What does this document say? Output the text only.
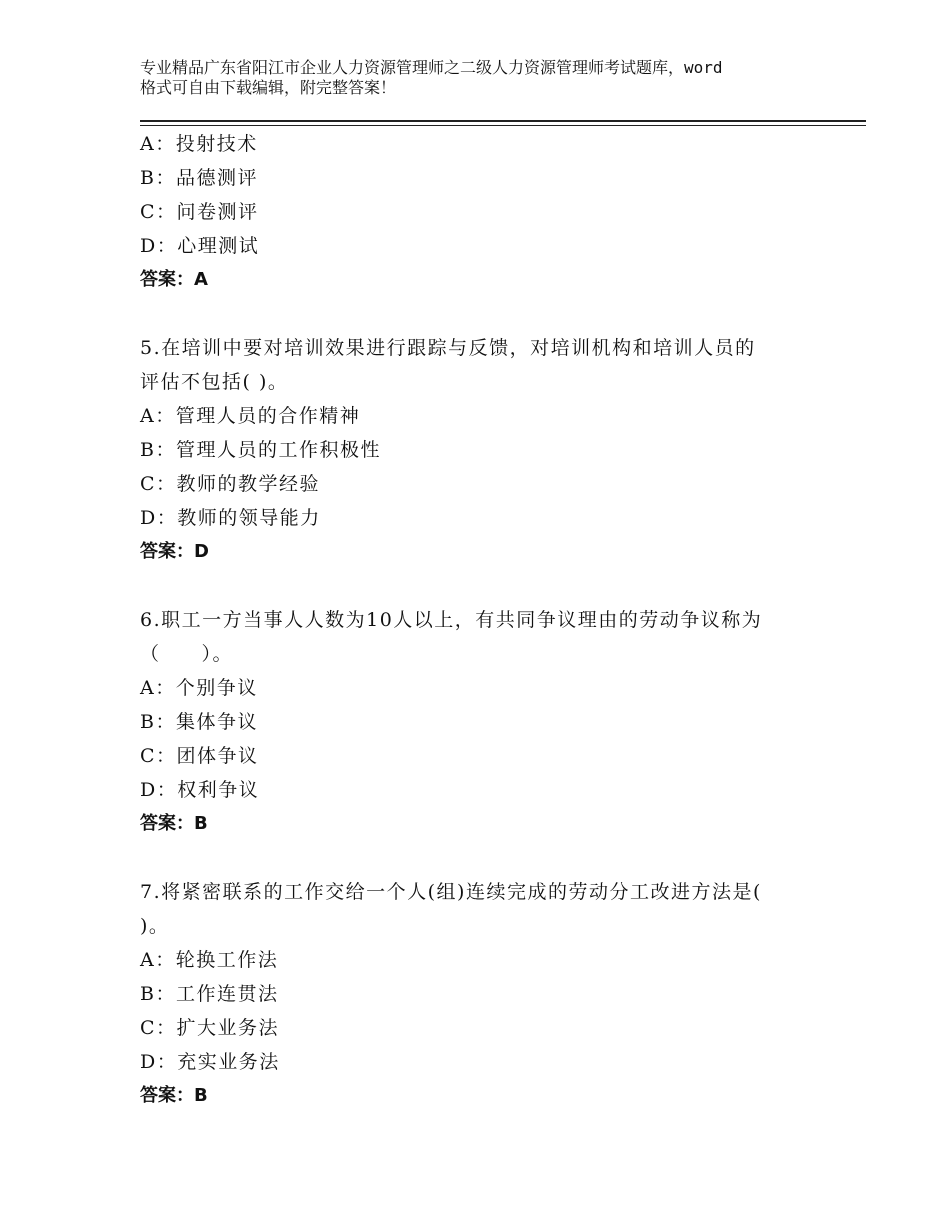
专业精品广东省阳江市企业人力资源管理师之二级人力资源管理师考试题库，word
格式可自由下载编辑，附完整答案！
A：投射技术
B：品德测评
C：问卷测评
D：心理测试
答案：A
5.在培训中要对培训效果进行跟踪与反馈，对培训机构和培训人员的
评估不包括( )。
A：管理人员的合作精神
B：管理人员的工作积极性
C：教师的教学经验
D：教师的领导能力
答案：D
6.职工一方当事人人数为10人以上，有共同争议理由的劳动争议称为
（　　）。
A：个别争议
B：集体争议
C：团体争议
D：权利争议
答案：B
7.将紧密联系的工作交给一个人(组)连续完成的劳动分工改进方法是(
)。
A：轮换工作法
B：工作连贯法
C：扩大业务法
D：充实业务法
答案：B
